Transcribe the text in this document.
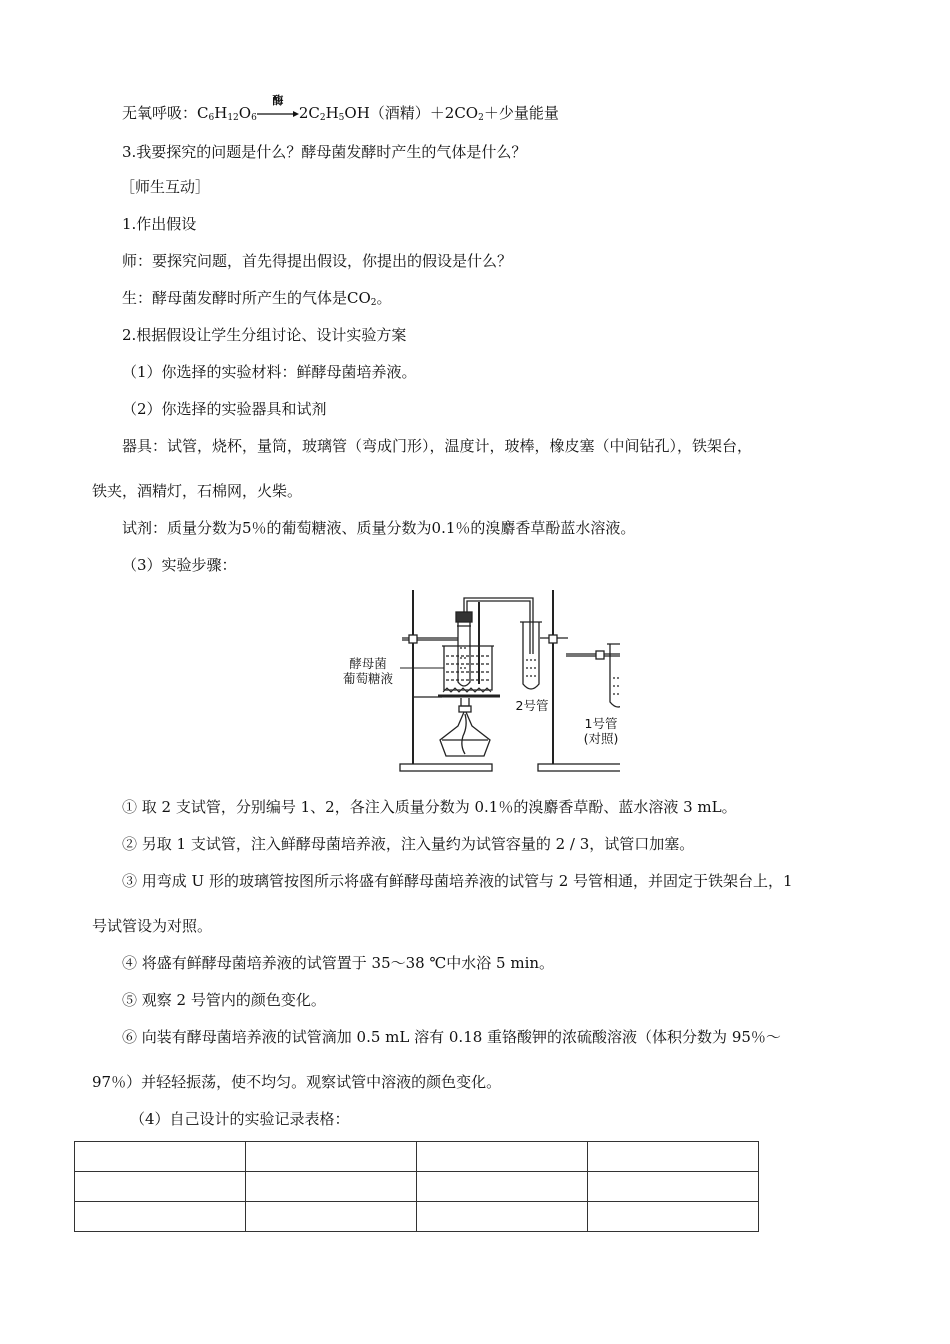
无氧呼吸：$C_6H_{12}O_6$
酶
$2C_2H_5OH$（酒精）$+2CO_2+$少量能量
3.我要探究的问题是什么？酵母菌发酵时产生的气体是什么？
［师生互动］
1.作出假设
师：要探究问题，首先得提出假设，你提出的假设是什么？
生：酵母菌发酵时所产生的气体是$CO_2$。
2.根据假设让学生分组讨论、设计实验方案
（1）你选择的实验材料：鲜酵母菌培养液。
（2）你选择的实验器具和试剂
器具：试管，烧杯，量筒，玻璃管（弯成门形），温度计，玻棒，橡皮塞（中间钻孔），铁架台，
铁夹，酒精灯，石棉网，火柴。
试剂：质量分数为5％的葡萄糖液、质量分数为0.1％的溴麝香草酚蓝水溶液。
（3）实验步骤：
酵母菌
葡萄糖液
2号管
1号管
(对照)
① 取 2 支试管，分别编号 1、2，各注入质量分数为 0.1％的溴麝香草酚、蓝水溶液 3 mL。
② 另取 1 支试管，注入鲜酵母菌培养液，注入量约为试管容量的 2 / 3，试管口加塞。
③ 用弯成 U 形的玻璃管按图所示将盛有鲜酵母菌培养液的试管与 2 号管相通，并固定于铁架台上，1
号试管设为对照。
④ 将盛有鲜酵母菌培养液的试管置于 35～38 ℃中水浴 5 min。
⑤ 观察 2 号管内的颜色变化。
⑥ 向装有酵母菌培养液的试管滴加 0.5 mL 溶有 0.18 重铬酸钾的浓硫酸溶液（体积分数为 95％～
97％）并轻轻振荡，使不均匀。观察试管中溶液的颜色变化。
（4）自己设计的实验记录表格：
